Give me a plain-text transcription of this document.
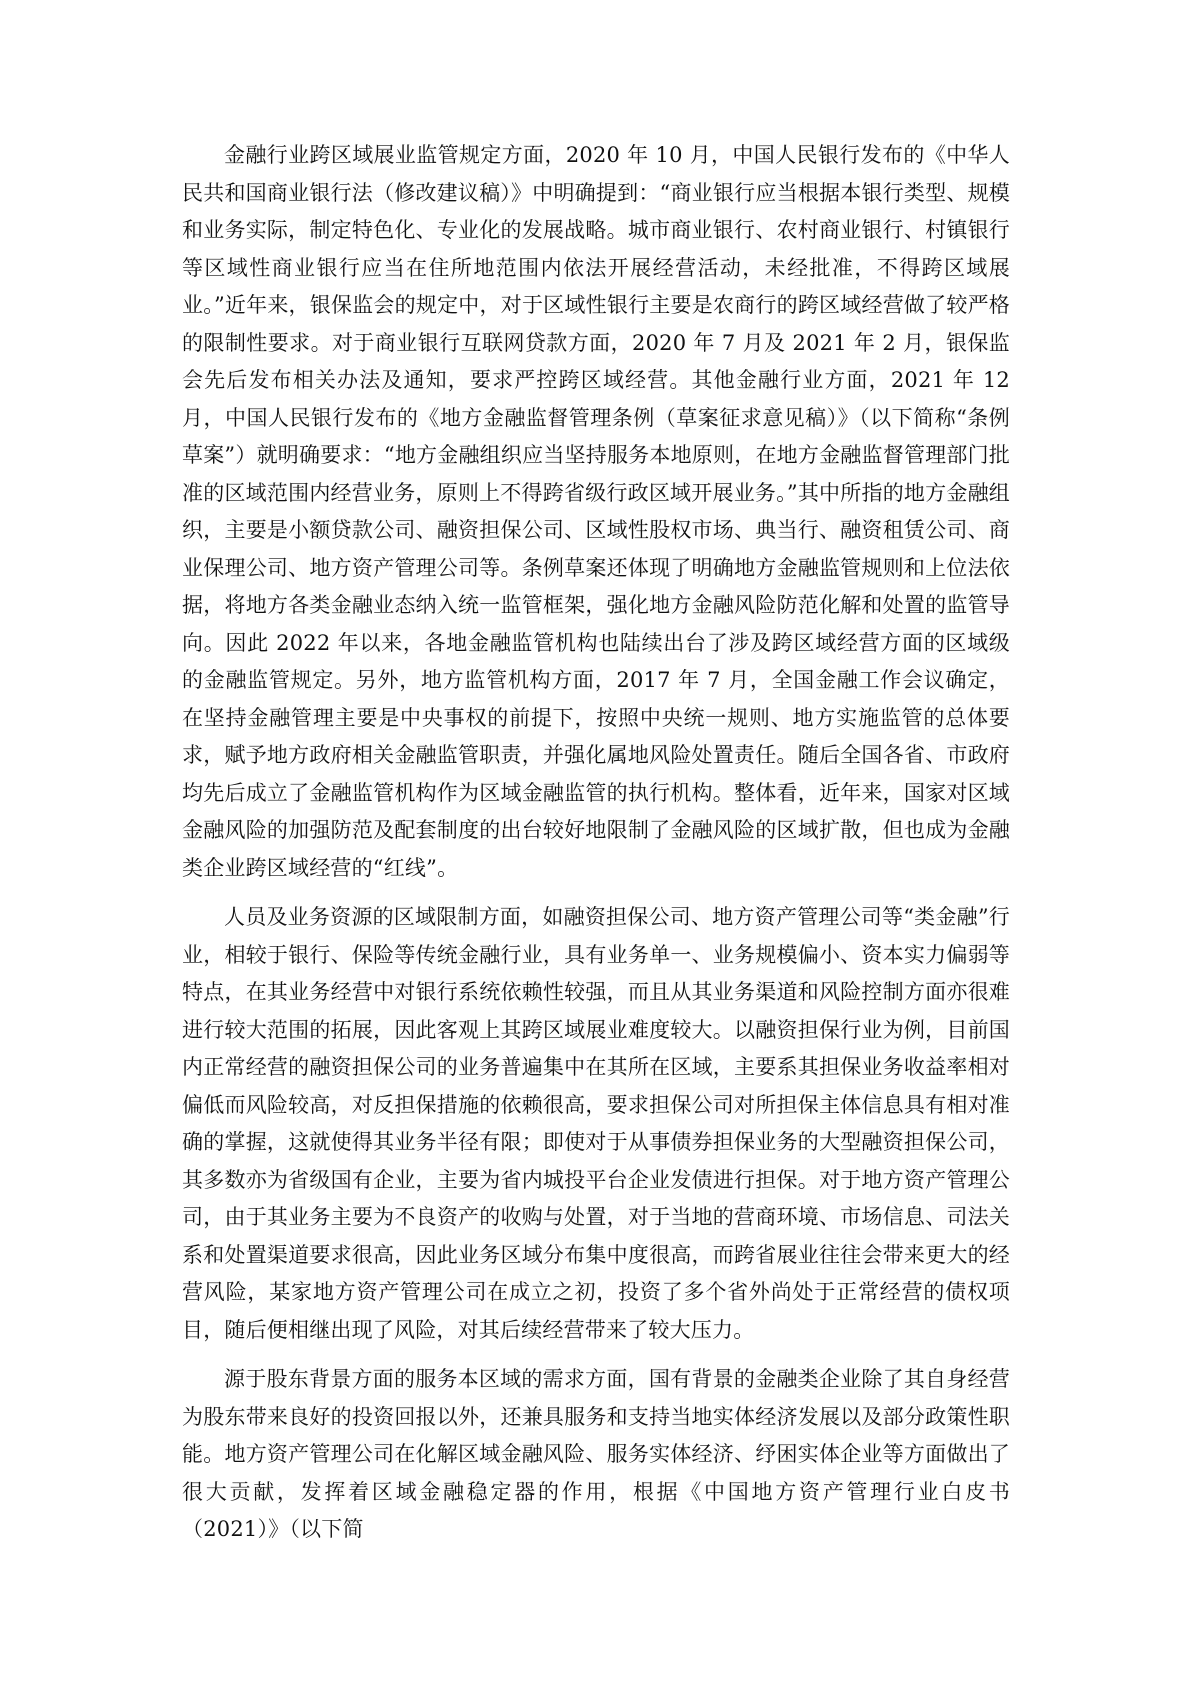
金融行业跨区域展业监管规定方面，2020 年 10 月，中国人民银行发布的《中华人民共和国商业银行法（修改建议稿）》中明确提到：“商业银行应当根据本银行类型、规模和业务实际，制定特色化、专业化的发展战略。城市商业银行、农村商业银行、村镇银行等区域性商业银行应当在住所地范围内依法开展经营活动，未经批准，不得跨区域展业。”近年来，银保监会的规定中，对于区域性银行主要是农商行的跨区域经营做了较严格的限制性要求。对于商业银行互联网贷款方面，2020 年 7 月及 2021 年 2 月，银保监会先后发布相关办法及通知，要求严控跨区域经营。其他金融行业方面，2021 年 12 月，中国人民银行发布的《地方金融监督管理条例（草案征求意见稿）》（以下简称“条例草案”）就明确要求：“地方金融组织应当坚持服务本地原则，在地方金融监督管理部门批准的区域范围内经营业务，原则上不得跨省级行政区域开展业务。”其中所指的地方金融组织，主要是小额贷款公司、融资担保公司、区域性股权市场、典当行、融资租赁公司、商业保理公司、地方资产管理公司等。条例草案还体现了明确地方金融监管规则和上位法依据，将地方各类金融业态纳入统一监管框架，强化地方金融风险防范化解和处置的监管导向。因此 2022 年以来，各地金融监管机构也陆续出台了涉及跨区域经营方面的区域级的金融监管规定。另外，地方监管机构方面，2017 年 7 月，全国金融工作会议确定，在坚持金融管理主要是中央事权的前提下，按照中央统一规则、地方实施监管的总体要求，赋予地方政府相关金融监管职责，并强化属地风险处置责任。随后全国各省、市政府均先后成立了金融监管机构作为区域金融监管的执行机构。整体看，近年来，国家对区域金融风险的加强防范及配套制度的出台较好地限制了金融风险的区域扩散，但也成为金融类企业跨区域经营的“红线”。

人员及业务资源的区域限制方面，如融资担保公司、地方资产管理公司等“类金融”行业，相较于银行、保险等传统金融行业，具有业务单一、业务规模偏小、资本实力偏弱等特点，在其业务经营中对银行系统依赖性较强，而且从其业务渠道和风险控制方面亦很难进行较大范围的拓展，因此客观上其跨区域展业难度较大。以融资担保行业为例，目前国内正常经营的融资担保公司的业务普遍集中在其所在区域，主要系其担保业务收益率相对偏低而风险较高，对反担保措施的依赖很高，要求担保公司对所担保主体信息具有相对准确的掌握，这就使得其业务半径有限；即使对于从事债券担保业务的大型融资担保公司，其多数亦为省级国有企业，主要为省内城投平台企业发债进行担保。对于地方资产管理公司，由于其业务主要为不良资产的收购与处置，对于当地的营商环境、市场信息、司法关系和处置渠道要求很高，因此业务区域分布集中度很高，而跨省展业往往会带来更大的经营风险，某家地方资产管理公司在成立之初，投资了多个省外尚处于正常经营的债权项目，随后便相继出现了风险，对其后续经营带来了较大压力。

源于股东背景方面的服务本区域的需求方面，国有背景的金融类企业除了其自身经营为股东带来良好的投资回报以外，还兼具服务和支持当地实体经济发展以及部分政策性职能。地方资产管理公司在化解区域金融风险、服务实体经济、纾困实体企业等方面做出了很大贡献，发挥着区域金融稳定器的作用，根据《中国地方资产管理行业白皮书（2021）》（以下简
